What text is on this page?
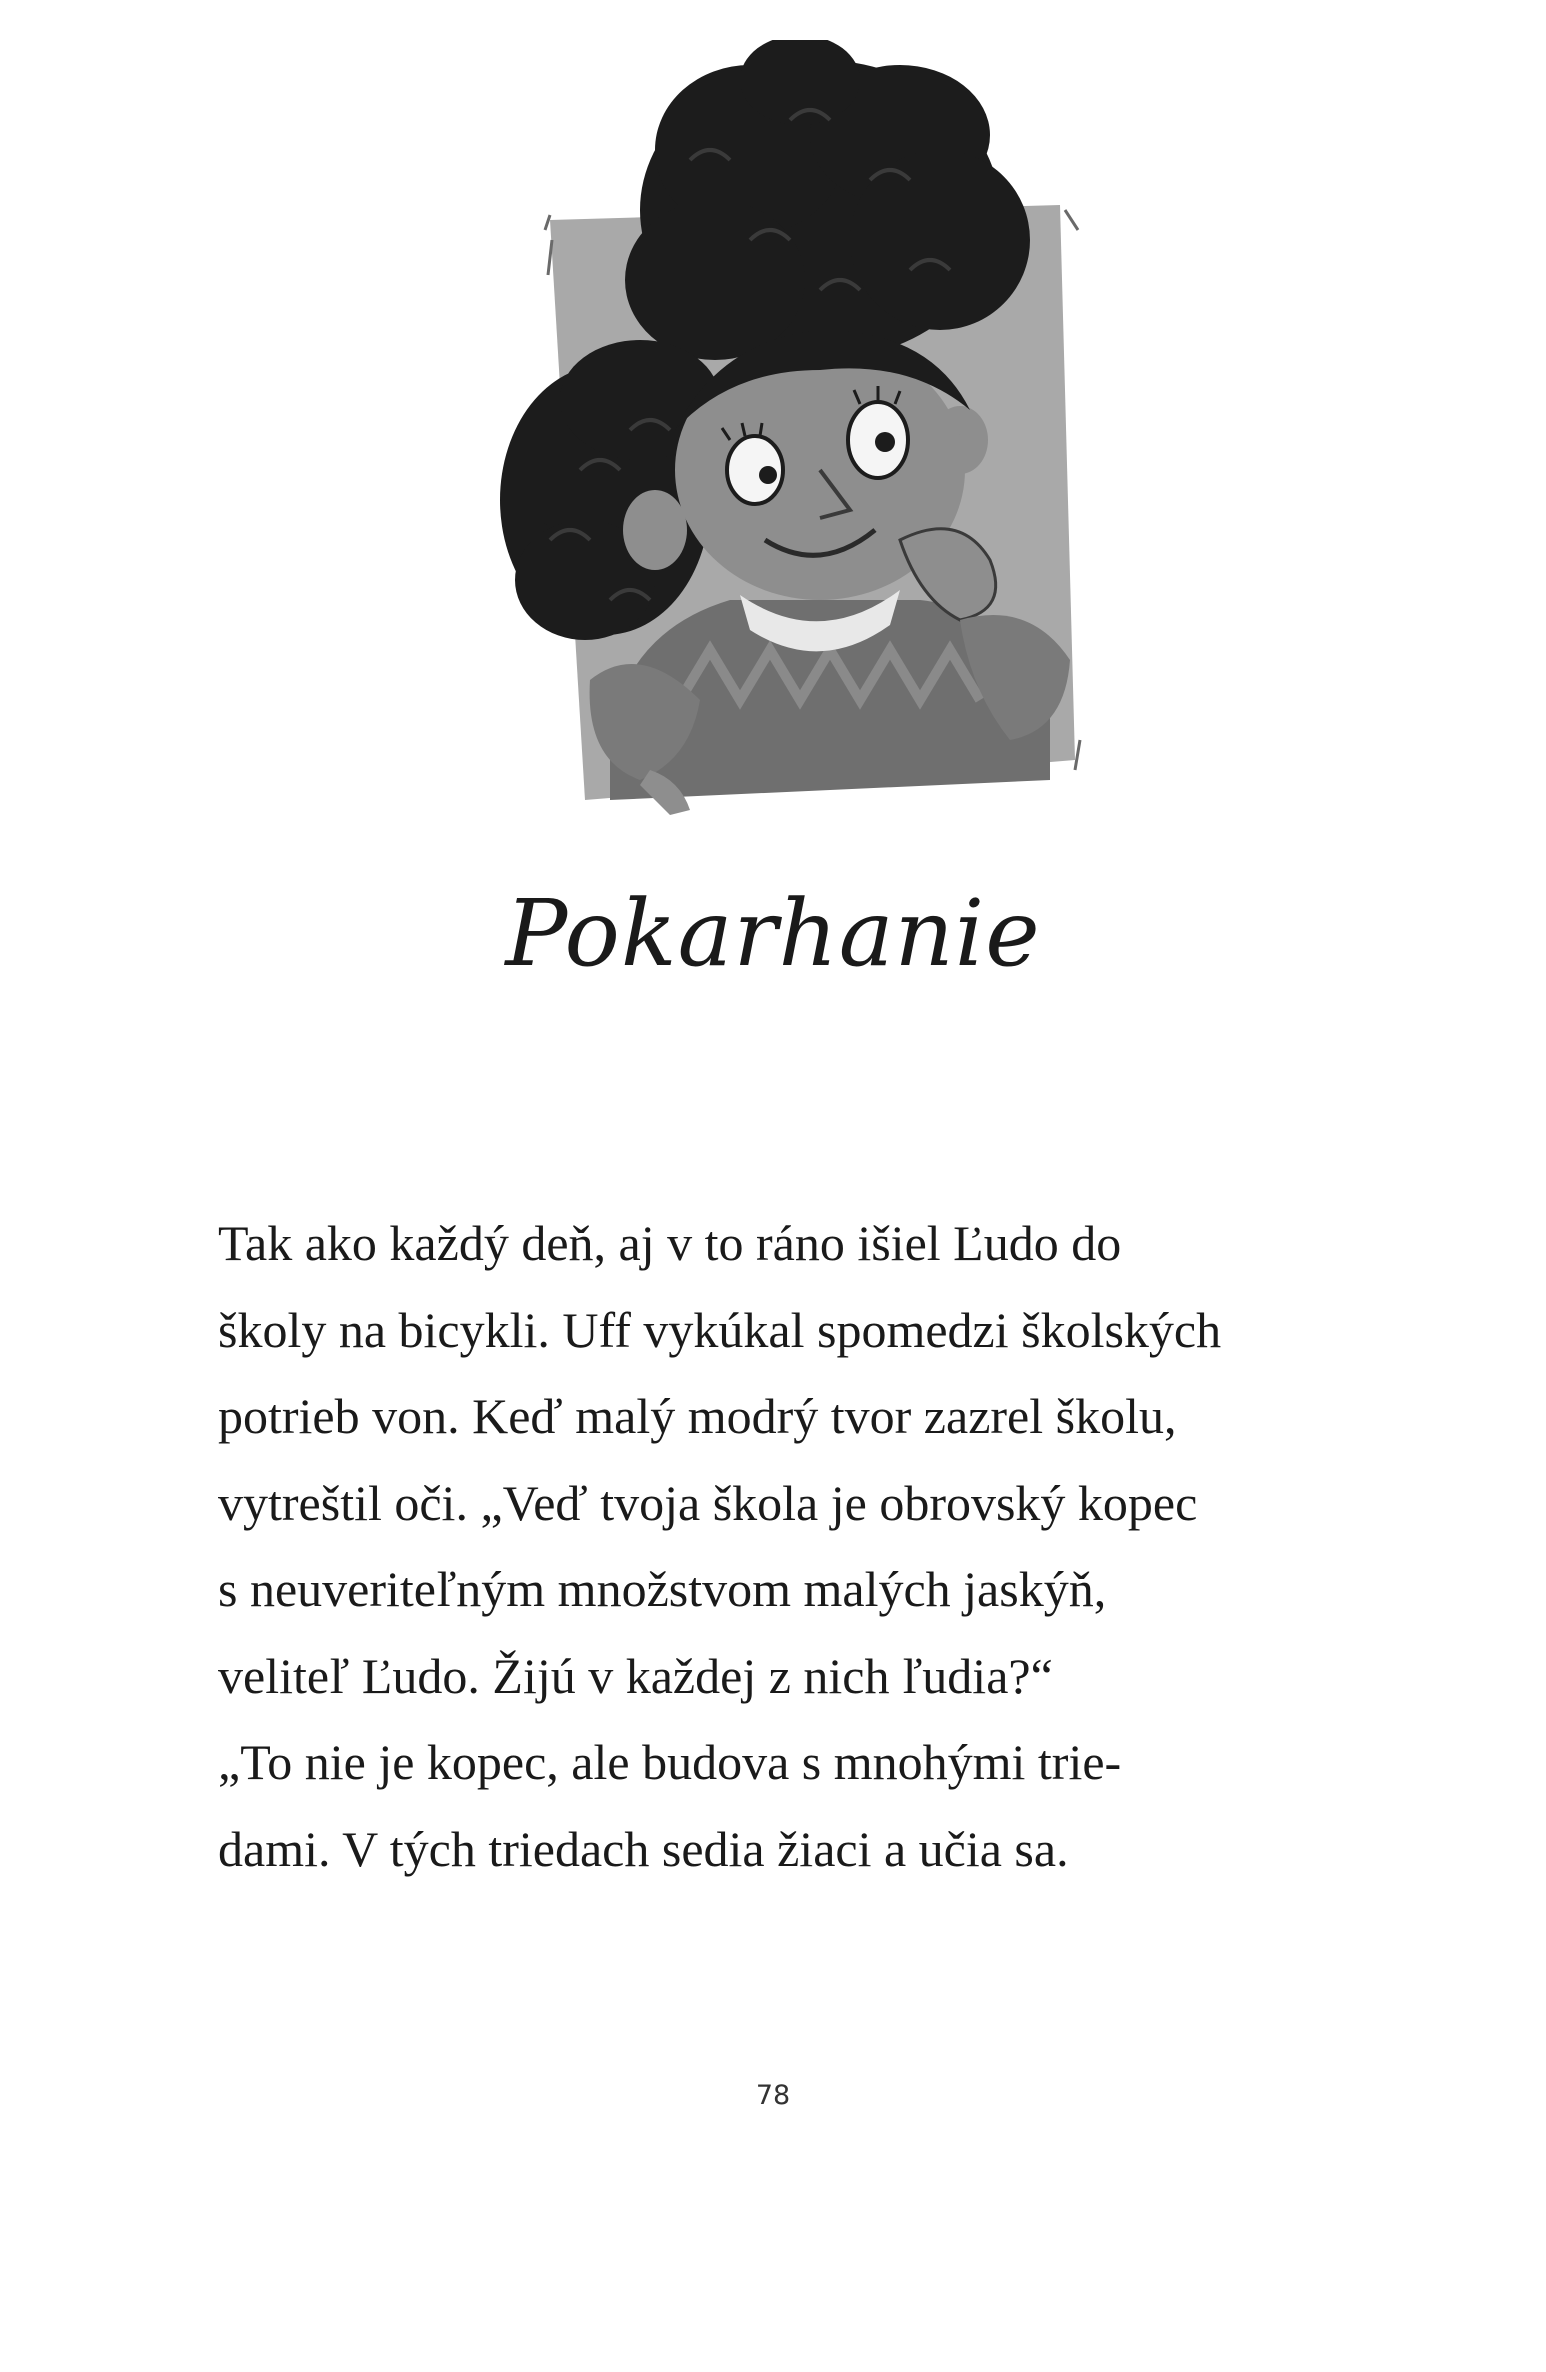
Pokarhanie
Tak ako každý deň, aj v to ráno išiel Ľudo do
školy na bicykli. Uff vykúkal spomedzi školských
potrieb von. Keď malý modrý tvor zazrel školu,
vytreštil oči. „Veď tvoja škola je obrovský kopec
s neuveriteľným množstvom malých jaskýň,
veliteľ Ľudo. Žijú v každej z nich ľudia?“
„To nie je kopec, ale budova s mnohými trie-
dami. V tých triedach sedia žiaci a učia sa.
78
